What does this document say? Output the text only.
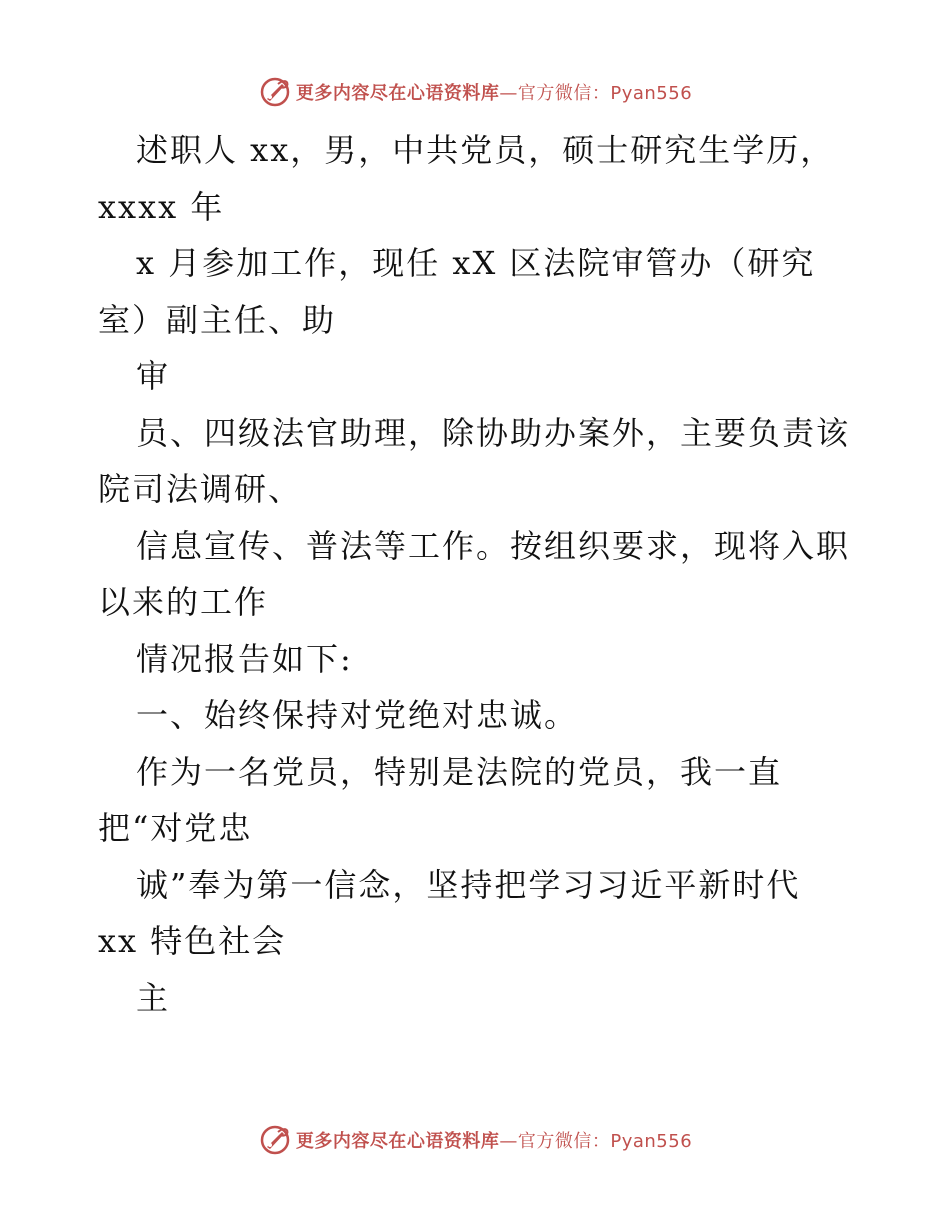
更多内容尽在心语资料库—官方微信：Pyan556
述职人 xx，男，中共党员，硕士研究生学历，
xxxx 年
x 月参加工作，现任 xX 区法院审管办（研究
室）副主任、助
审
员、四级法官助理，除协助办案外，主要负责该
院司法调研、
信息宣传、普法等工作。按组织要求，现将入职
以来的工作
情况报告如下:
一、始终保持对党绝对忠诚。
作为一名党员，特别是法院的党员，我一直
把“对党忠
诚”奉为第一信念，坚持把学习习近平新时代
xx 特色社会
主
更多内容尽在心语资料库—官方微信：Pyan556
